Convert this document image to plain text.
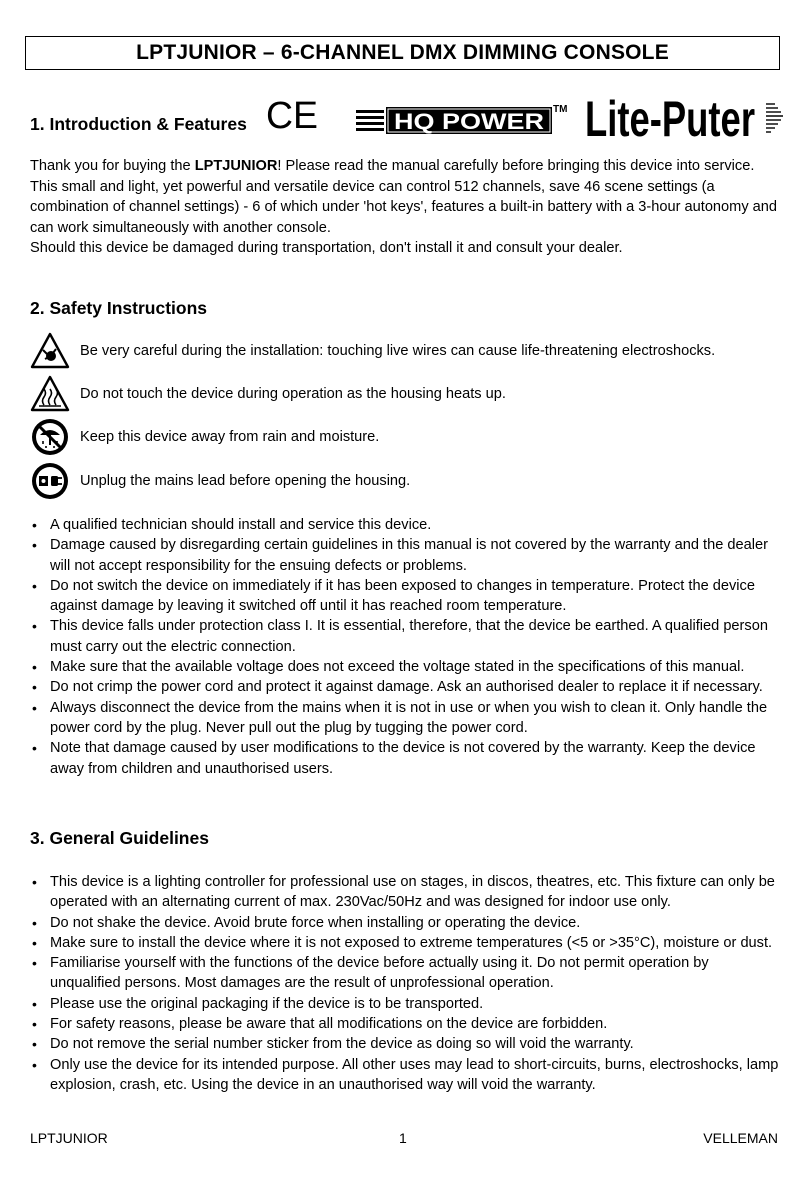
LPTJUNIOR – 6-CHANNEL DMX DIMMING CONSOLE
1. Introduction & Features CE	HQ POWER TM Lite-Puter

Thank you for buying the LPTJUNIOR! Please read the manual carefully before bringing this device into service. This small and light, yet powerful and versatile device can control 512 channels, save 46 scene settings (a combination of channel settings) - 6 of which under 'hot keys', features a built-in battery with a 3-hour autonomy and can work simultaneously with another console.

Should this device be damaged during transportation, don't install it and consult your dealer.

2. Safety Instructions
Be very careful during the installation: touching live wires can cause life-threatening electroshocks.
Do not touch the device during operation as the housing heats up.
Keep this device away from rain and moisture.
Unplug the mains lead before opening the housing.
• A qualified technician should install and service this device.
• Damage caused by disregarding certain guidelines in this manual is not covered by the warranty and the dealer will not accept responsibility for the ensuing defects or problems.
• Do not switch the device on immediately if it has been exposed to changes in temperature. Protect the device against damage by leaving it switched off until it has reached room temperature.
• This device falls under protection class I. It is essential, therefore, that the device be earthed. A qualified person must carry out the electric connection.
• Make sure that the available voltage does not exceed the voltage stated in the specifications of this manual.
• Do not crimp the power cord and protect it against damage. Ask an authorised dealer to replace it if necessary.
• Always disconnect the device from the mains when it is not in use or when you wish to clean it. Only handle the power cord by the plug. Never pull out the plug by tugging the power cord.
• Note that damage caused by user modifications to the device is not covered by the warranty. Keep the device away from children and unauthorised users.
3. General Guidelines
• This device is a lighting controller for professional use on stages, in discos, theatres, etc. This fixture can only be operated with an alternating current of max. 230Vac/50Hz and was designed for indoor use only.
• Do not shake the device. Avoid brute force when installing or operating the device.
• Make sure to install the device where it is not exposed to extreme temperatures (<5 or >35°C), moisture or dust.
• Familiarise yourself with the functions of the device before actually using it. Do not permit operation by unqualified persons. Most damages are the result of unprofessional operation.
• Please use the original packaging if the device is to be transported.
• For safety reasons, please be aware that all modifications on the device are forbidden.
• Do not remove the serial number sticker from the device as doing so will void the warranty.
• Only use the device for its intended purpose. All other uses may lead to short-circuits, burns, electroshocks, lamp explosion, crash, etc. Using the device in an unauthorised way will void the warranty.
LPTJUNIOR	1	VELLEMAN
